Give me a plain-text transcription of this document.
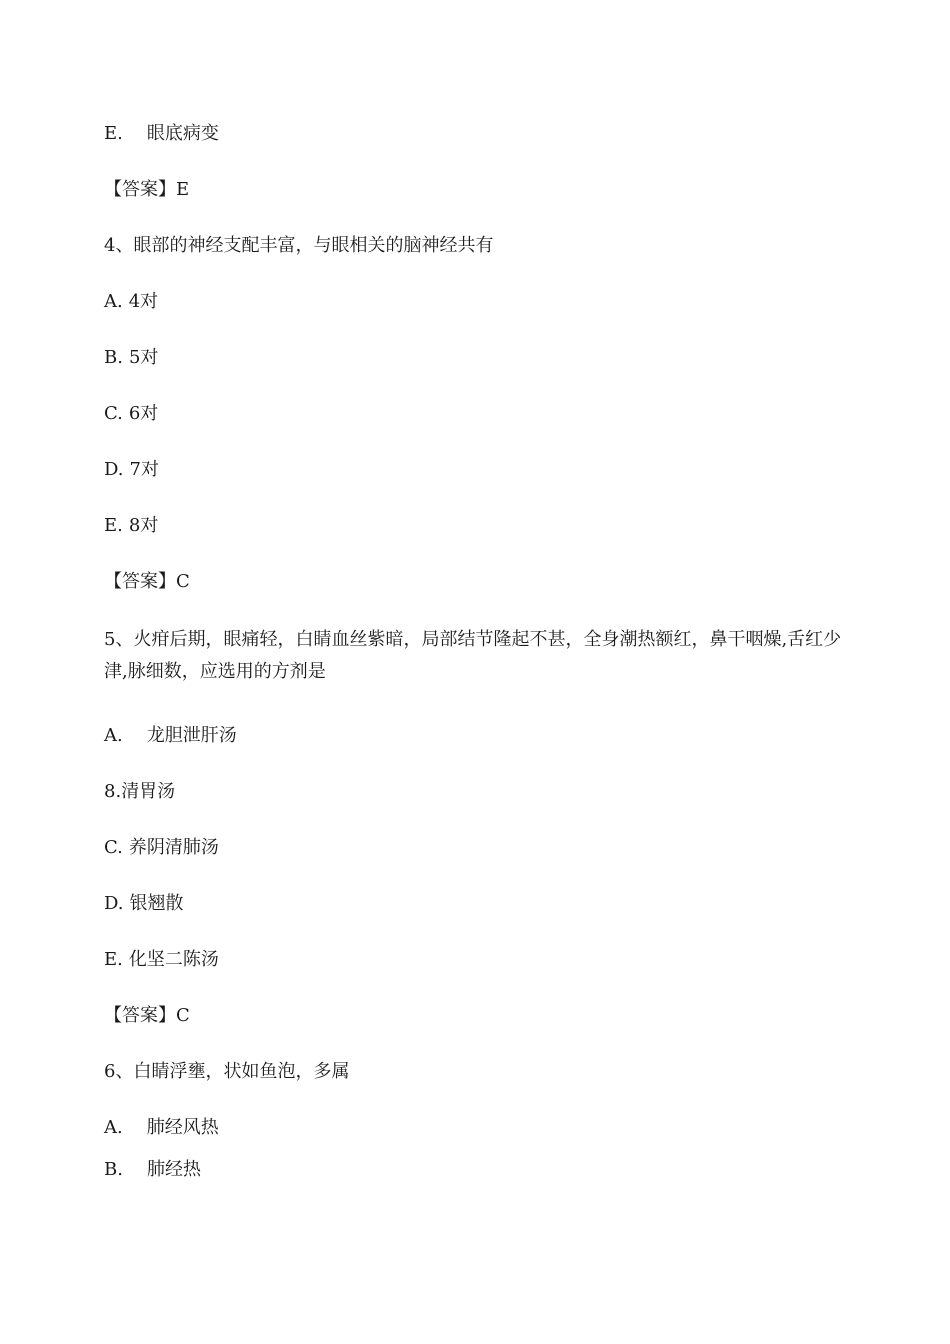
E. 眼底病变
【答案】E
4、眼部的神经支配丰富，与眼相关的脑神经共有
A. 4对
B. 5对
C. 6对
D. 7对
E. 8对
【答案】C
5、火疳后期，眼痛轻，白睛血丝紫暗，局部结节隆起不甚，全身潮热额红，鼻干咽燥,舌红少津,脉细数，应选用的方剂是
A. 龙胆泄肝汤
8.清胃汤
C. 养阴清肺汤
D. 银翘散
E. 化坚二陈汤
【答案】C
6、白睛浮壅，状如鱼泡，多属
A. 肺经风热
B. 肺经热
